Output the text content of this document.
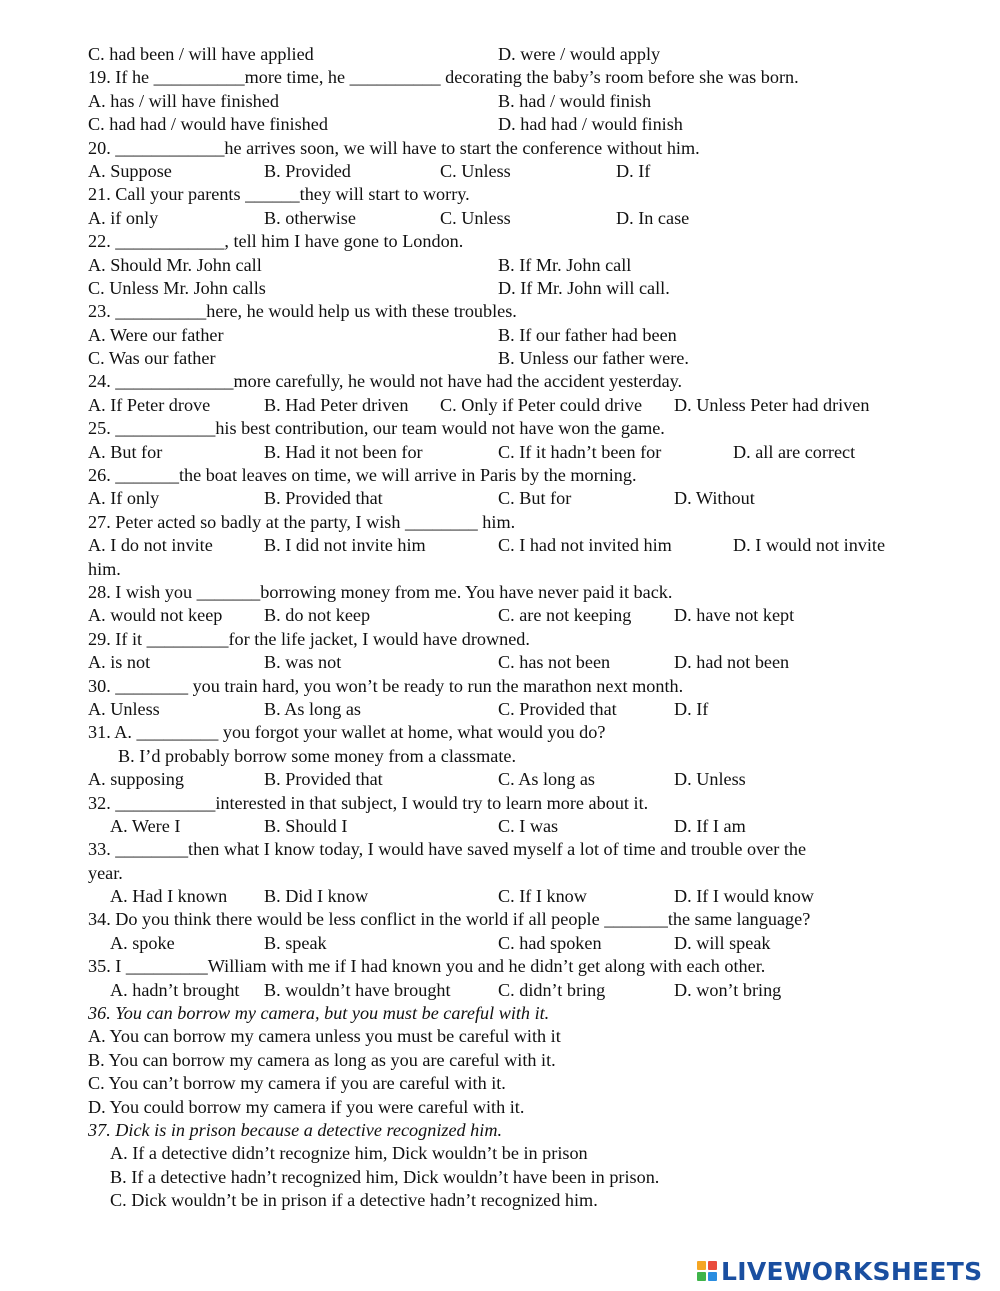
C. had been / will have applied	D. were / would apply
19. If he __________more time, he __________ decorating the baby’s room before she was born.
A. has / will have finished	B. had / would finish
C. had had / would have finished	D. had had / would finish
20. ____________he arrives soon, we will have to start the conference without him.
A. Suppose	B. Provided	C. Unless	D. If
21. Call your parents ______they will start to worry.
A. if only	B. otherwise	C. Unless	D. In case
22. ____________, tell him I have gone to London.
A. Should Mr. John call	B. If Mr. John call
C. Unless Mr. John calls	D. If Mr. John will call.
23. __________here, he would help us with these troubles.
A. Were our father	B. If our father had been
C. Was our father	B. Unless our father were.
24. _____________more carefully, he would not have had the accident yesterday.
A. If Peter drove	B. Had Peter driven C. Only if Peter could drive D. Unless Peter had driven
25. ___________his best contribution, our team would not have won the game.
A. But for	B. Had it not been for	C. If it hadn’t been for	D. all are correct
26. _______the boat leaves on time, we will arrive in Paris by the morning.
A. If only	B. Provided that	C. But for	D. Without
27. Peter acted so badly at the party, I wish ________ him.
A. I do not invite	B. I did not invite him	C. I had not invited him	D. I would not invite
him.
28. I wish you _______borrowing money from me. You have never paid it back.
A. would not keep B. do not keep	C. are not keeping D. have not kept
29. If it _________for the life jacket, I would have drowned.
A. is not	B. was not	C. has not been	D. had not been
30. ________ you train hard, you won’t be ready to run the marathon next month.
A. Unless	B. As long as	C. Provided that	D. If
31. A. _________ you forgot your wallet at home, what would you do?
B. I’d probably borrow some money from a classmate.
A. supposing	B. Provided that	C. As long as	D. Unless
32. ___________interested in that subject, I would try to learn more about it.
A. Were I	B. Should I	C. I was	D. If I am
33. ________then what I know today, I would have saved myself a lot of time and trouble over the
year.
A. Had I known B. Did I know	C. If I know	D. If I would know
34. Do you think there would be less conflict in the world if all people _______the same language?
A. spoke	B. speak	C. had spoken	D. will speak
35. I _________William with me if I had known you and he didn’t get along with each other.
A. hadn’t brought B. wouldn’t have brought	C. didn’t bring	D. won’t bring
36. You can borrow my camera, but you must be careful with it.
A. You can borrow my camera unless you must be careful with it
B. You can borrow my camera as long as you are careful with it.
C. You can’t borrow my camera if you are careful with it.
D. You could borrow my camera if you were careful with it.
37. Dick is in prison because a detective recognized him.
A. If a detective didn’t recognize him, Dick wouldn’t be in prison
B. If a detective hadn’t recognized him, Dick wouldn’t have been in prison.
C. Dick wouldn’t be in prison if a detective hadn’t recognized him.
LIVEWORKSHEETS
